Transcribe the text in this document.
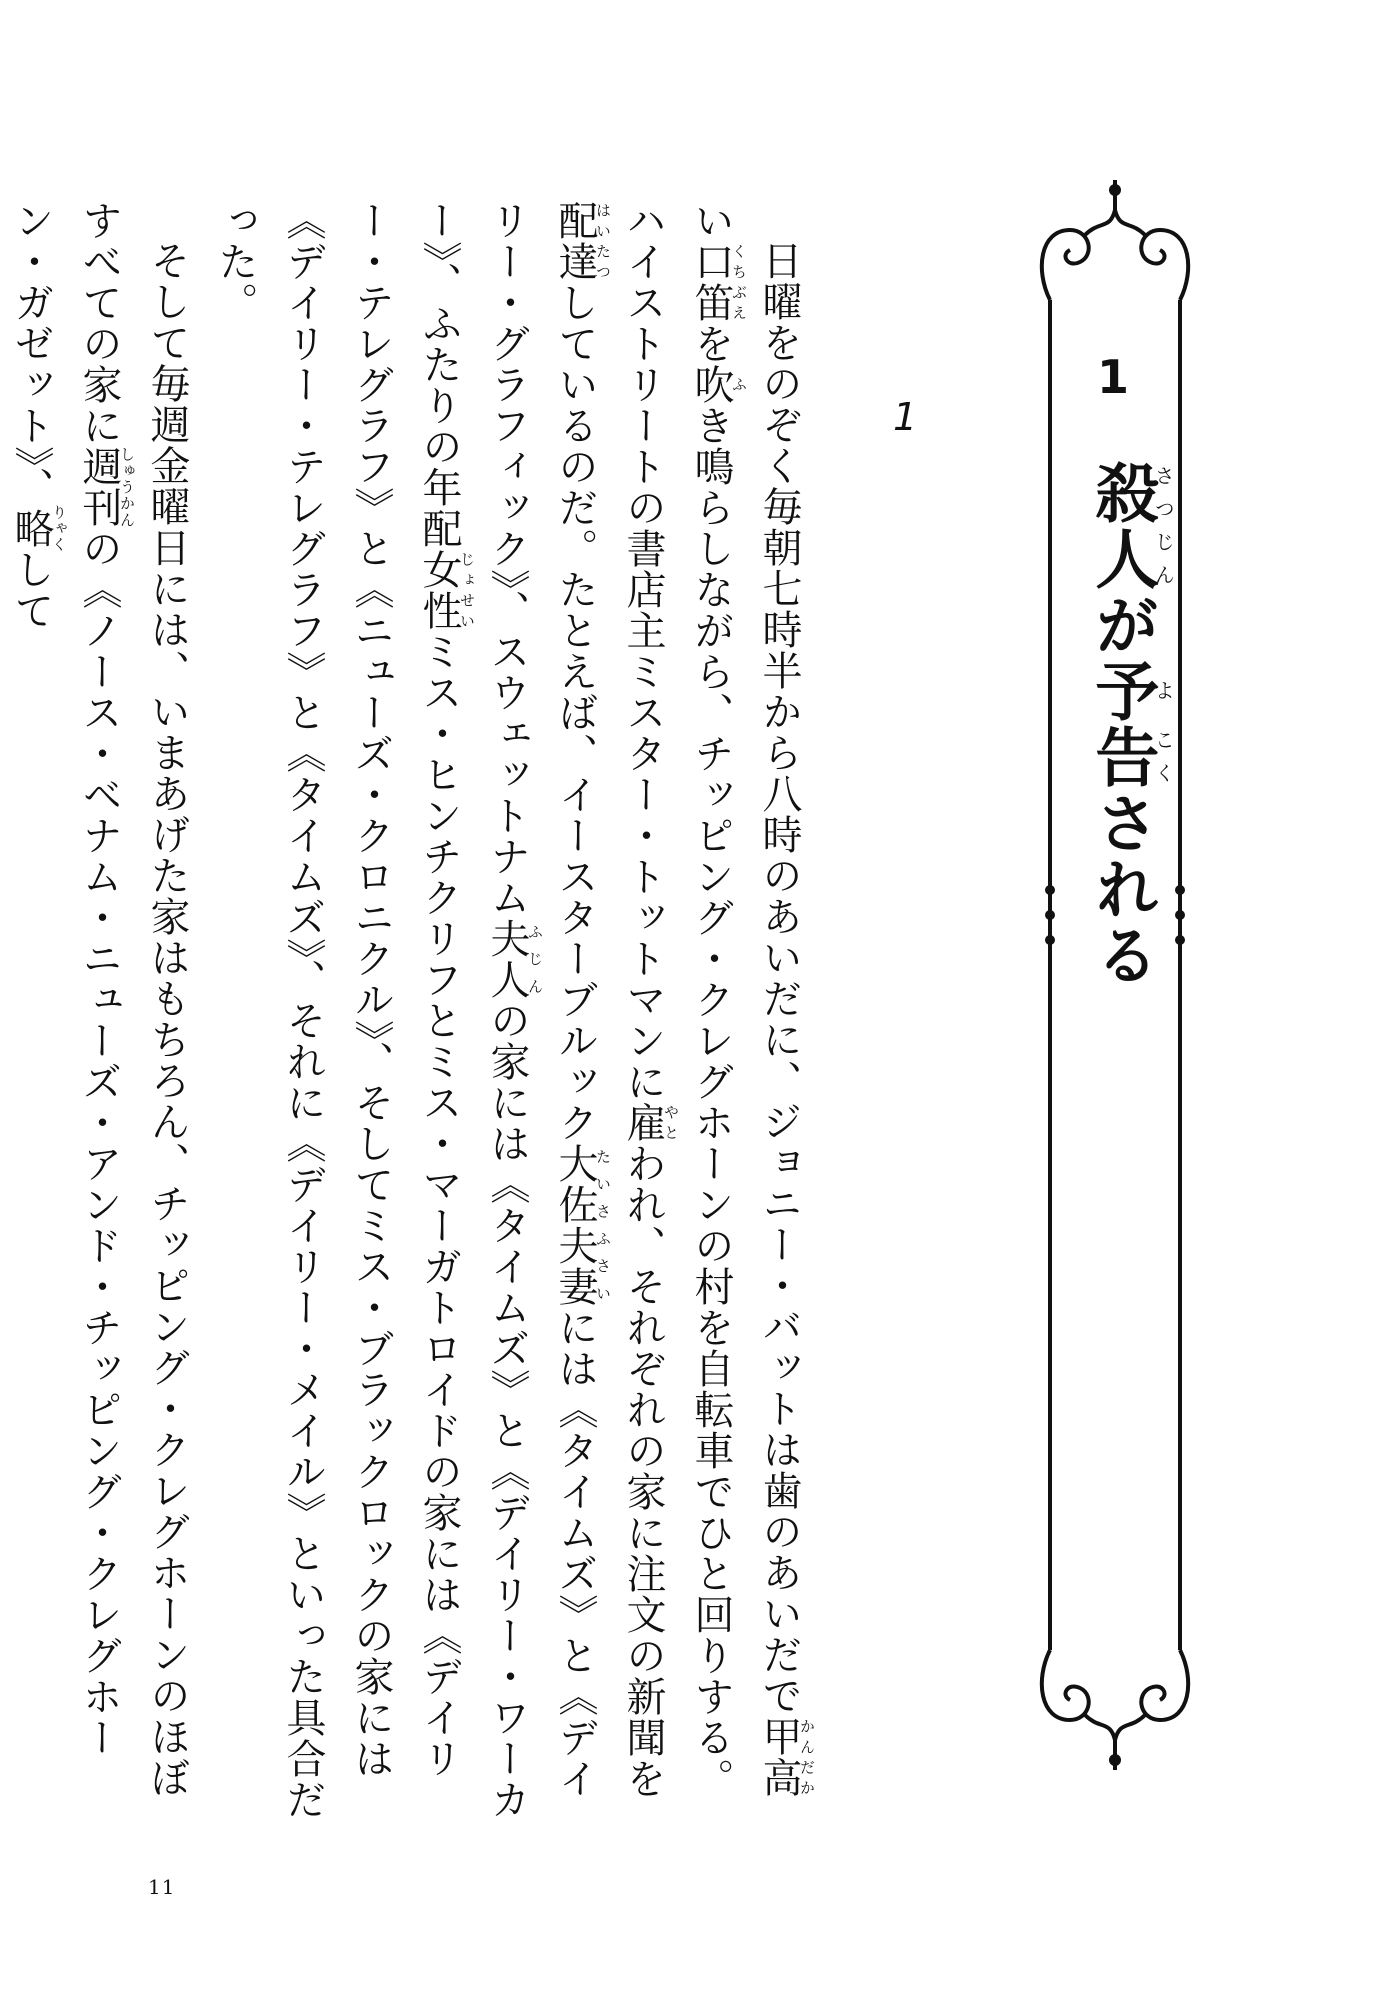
1
殺人さつじんが予よ告こくされる
1

日曜をのぞく毎朝七時半から八時のあいだに、ジョニー・バットは歯のあいだで甲高かんだかい口笛くちぶえを吹ふき鳴らしながら、チッピング・クレグホーンの村を自転車でひと回りする。ハイストリートの書店主ミスター・トットマンに雇やとわれ、それぞれの家に注文の新聞を配達はいたつしているのだ。たとえば、イースターブルック大佐たいさ夫妻ふさいには《タイムズ》と《デイリー・グラフィック》、スウェットナム夫人ふじんの家には《タイムズ》と《デイリー・ワーカー》、ふたりの年配女性じょせいミス・ヒンチクリフとミス・マーガトロイドの家には《デイリー・テレグラフ》と《ニューズ・クロニクル》、そしてミス・ブラックロックの家には《デイリー・テレグラフ》と《タイムズ》、それに《デイリー・メイル》といった具合だった。

そして毎週金曜日には、いまあげた家はもちろん、チッピング・クレグホーンのほぼすべての家に週刊しゅうかんの《ノース・ベナム・ニューズ・アンド・チッピング・クレグホーン・ガゼット》、略りゃくして

11
